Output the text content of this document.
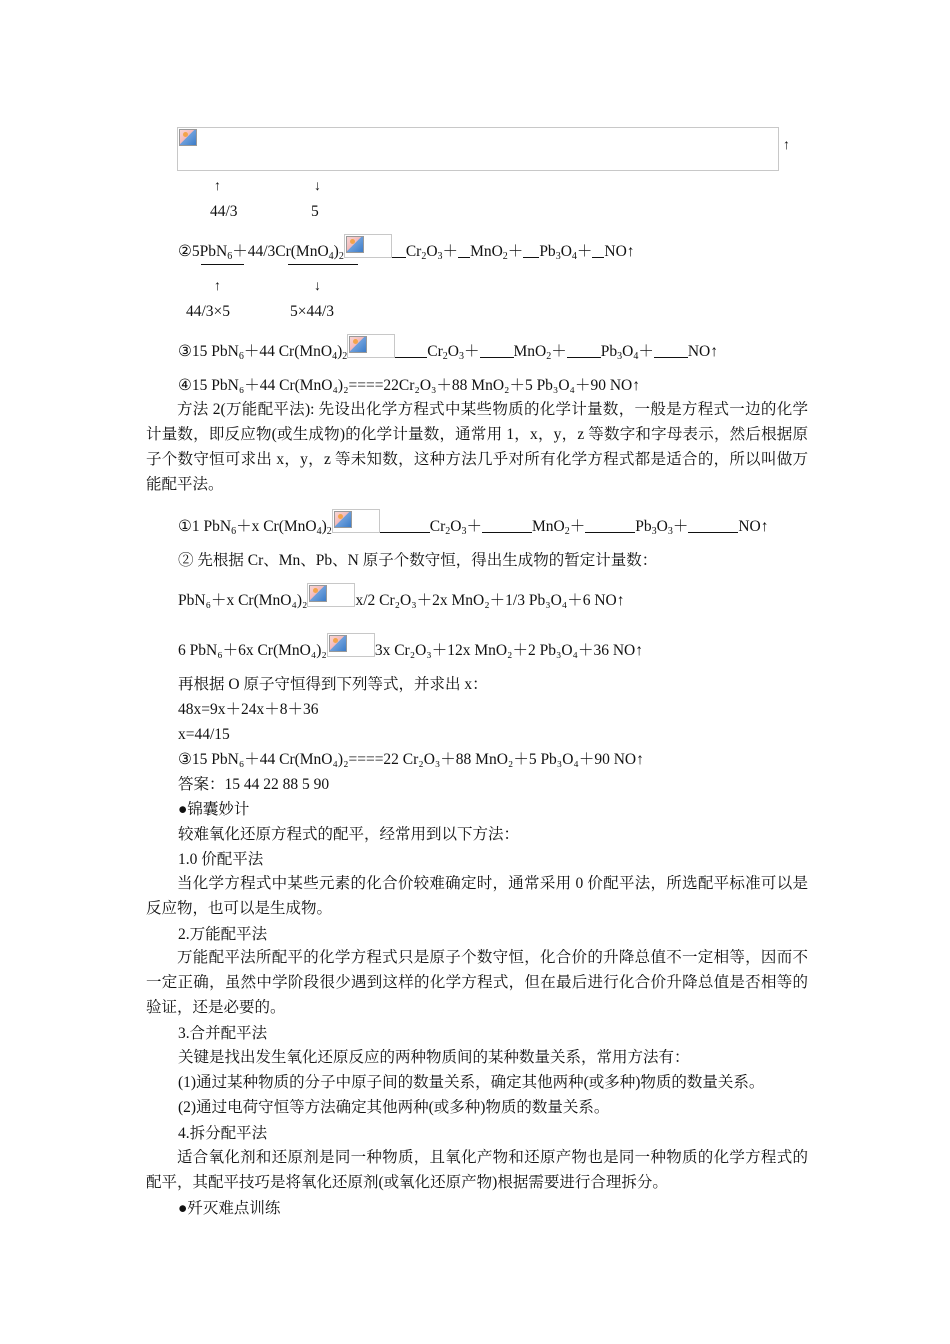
↑
↑	↓
44/3	5
$②5PbN_6+44/3Cr(MnO_4)_2$	$Cr_2O_3+ MnO_2+ Pb_3O_4+$ NO↑
↑	↓
44/3×5	5×44/3
③15 PbN$_6$＋44 $Cr(MnO_4)_2$	$Cr_2O_3+ MnO_2+ Pb_3O_4+$ NO↑
④15 PbN₆＋44 Cr(MnO₄)₂====22Cr₂O₃＋88 MnO₂＋5 Pb₃O₄＋90 NO↑
方法 2(万能配平法): 先设出化学方程式中某些物质的化学计量数，一般是方程式一边的化学计量数，即反应物(或生成物)的化学计量数，通常用 1，x，y，z 等数字和字母表示，然后根据原子个数守恒可求出 x，y，z 等未知数，这种方法几乎对所有化学方程式都是适合的，所以叫做万能配平法。
①1 PbN$_6$＋x $Cr(MnO_4)_2$	$Cr_2O_3+$	MnO$_2$＋	$Pb_3O_3+$	NO↑
② 先根据 Cr、Mn、Pb、N 原子个数守恒，得出生成物的暂定计量数：
PbN₆＋x Cr(MnO₄)₂	x/2 Cr₂O₃＋2x MnO₂＋1/3 Pb₃O₄＋6 NO↑
6 PbN₆＋6x Cr(MnO₄)₂	3x Cr₂O₃＋12x MnO₂＋2 Pb₃O₄＋36 NO↑
再根据 O 原子守恒得到下列等式，并求出 x：
48x=9x＋24x＋8＋36
x=44/15
③15 PbN₆＋44 Cr(MnO₄)₂====22 Cr₂O₃＋88 MnO₂＋5 Pb₃O₄＋90 NO↑
答案：15 44 22 88 5 90
●锦囊妙计
较难氧化还原方程式的配平，经常用到以下方法：
1.0 价配平法
当化学方程式中某些元素的化合价较难确定时，通常采用 0 价配平法，所选配平标准可以是反应物，也可以是生成物。
2.万能配平法
万能配平法所配平的化学方程式只是原子个数守恒，化合价的升降总值不一定相等，因而不一定正确，虽然中学阶段很少遇到这样的化学方程式，但在最后进行化合价升降总值是否相等的验证，还是必要的。
3.合并配平法
关键是找出发生氧化还原反应的两种物质间的某种数量关系，常用方法有：
(1)通过某种物质的分子中原子间的数量关系，确定其他两种(或多种)物质的数量关系。
(2)通过电荷守恒等方法确定其他两种(或多种)物质的数量关系。
4.拆分配平法
适合氧化剂和还原剂是同一种物质，且氧化产物和还原产物也是同一种物质的化学方程式的配平，其配平技巧是将氧化还原剂(或氧化还原产物)根据需要进行合理拆分。
●歼灭难点训练
